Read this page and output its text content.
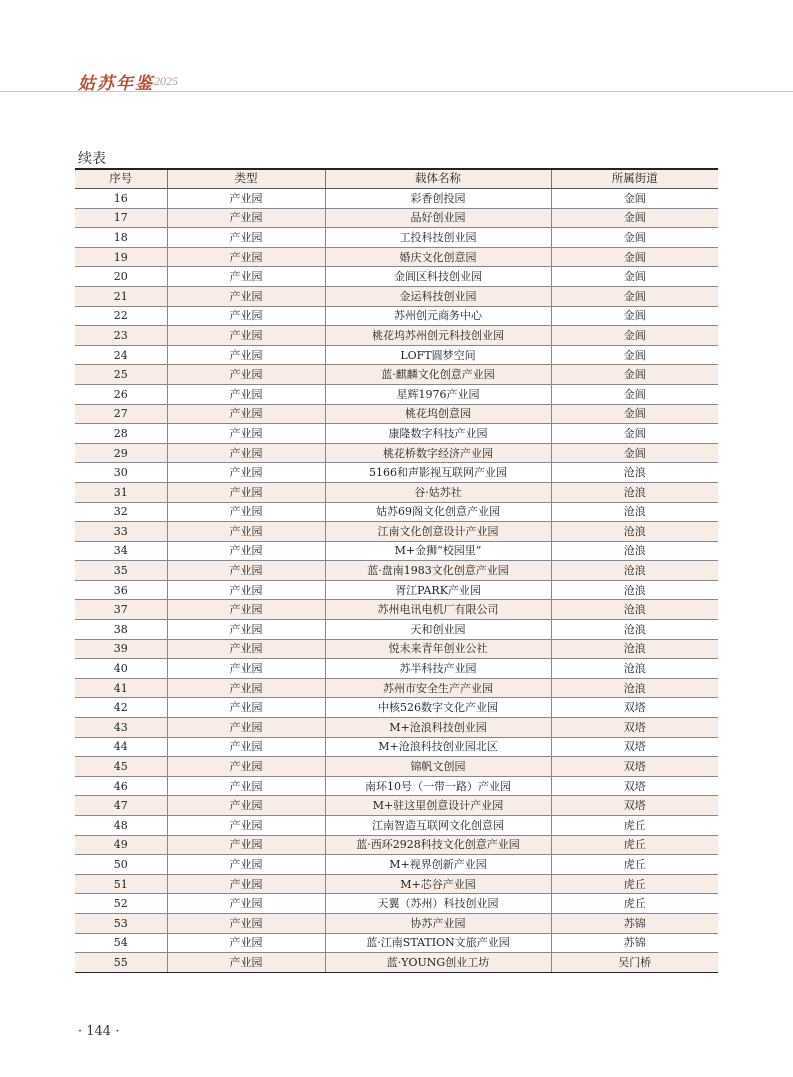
姑苏年鉴 2025
续表
序号	类型	载体名称	所属街道
16	产业园	彩香创投园	金阊
17	产业园	品好创业园	金阊
18	产业园	工投科技创业园	金阊
19	产业园	婚庆文化创意园	金阊
20	产业园	金阊区科技创业园	金阊
21	产业园	金运科技创业园	金阊
22	产业园	苏州创元商务中心	金阊
23	产业园	桃花坞苏州创元科技创业园	金阊
24	产业园	LOFT圆梦空间	金阊
25	产业园	蓝·麒麟文化创意产业园	金阊
26	产业园	星辉1976产业园	金阊
27	产业园	桃花坞创意园	金阊
28	产业园	康隆数字科技产业园	金阊
29	产业园	桃花桥数字经济产业园	金阊
30	产业园	5166和声影视互联网产业园	沧浪
31	产业园	谷·姑苏社	沧浪
32	产业园	姑苏69阁文化创意产业园	沧浪
33	产业园	江南文化创意设计产业园	沧浪
34	产业园	M+金狮“校园里”	沧浪
35	产业园	蓝·盘南1983文化创意产业园	沧浪
36	产业园	胥江PARK产业园	沧浪
37	产业园	苏州电讯电机厂有限公司	沧浪
38	产业园	天和创业园	沧浪
39	产业园	悦未来青年创业公社	沧浪
40	产业园	苏半科技产业园	沧浪
41	产业园	苏州市安全生产产业园	沧浪
42	产业园	中核526数字文化产业园	双塔
43	产业园	M+沧浪科技创业园	双塔
44	产业园	M+沧浪科技创业园北区	双塔
45	产业园	锦帆文创园	双塔
46	产业园	南环10号（一带一路）产业园	双塔
47	产业园	M+驻这里创意设计产业园	双塔
48	产业园	江南智造互联网文化创意园	虎丘
49	产业园	蓝·西环2928科技文化创意产业园	虎丘
50	产业园	M+视界创新产业园	虎丘
51	产业园	M+芯谷产业园	虎丘
52	产业园	天翼（苏州）科技创业园	虎丘
53	产业园	协苏产业园	苏锦
54	产业园	蓝·江南STATION文旅产业园	苏锦
55	产业园	蓝·YOUNG创业工坊	吴门桥
· 144 ·
